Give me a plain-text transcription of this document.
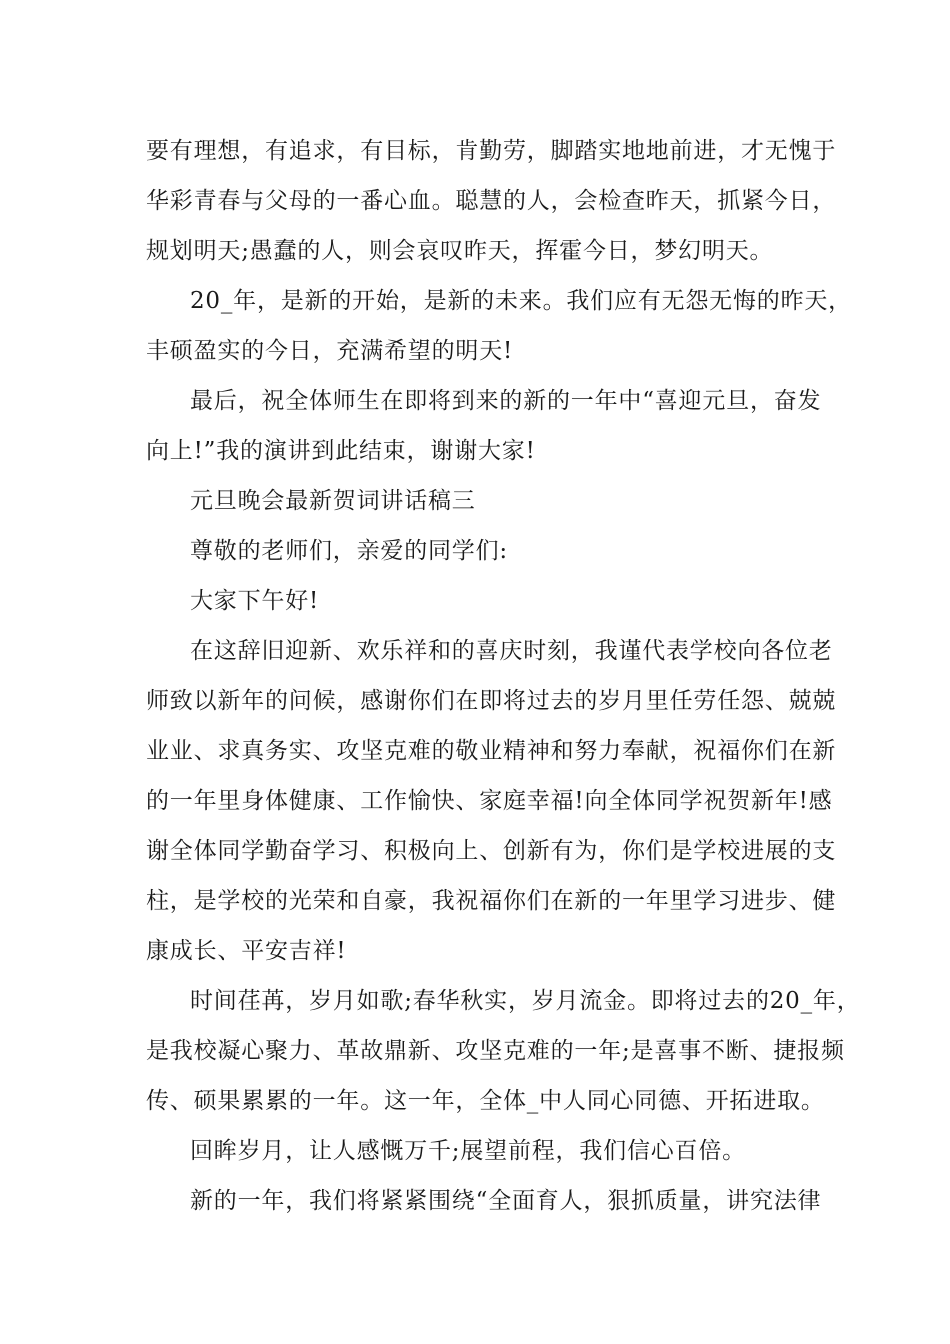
要有理想，有追求，有目标，肯勤劳，脚踏实地地前进，才无愧于
华彩青春与父母的一番心血。聪慧的人，会检查昨天，抓紧今日，
规划明天;愚蠢的人，则会哀叹昨天，挥霍今日，梦幻明天。
20_年，是新的开始，是新的未来。我们应有无怨无悔的昨天，
丰硕盈实的今日，充满希望的明天!
最后，祝全体师生在即将到来的新的一年中“喜迎元旦，奋发
向上!”我的演讲到此结束，谢谢大家!
元旦晚会最新贺词讲话稿三
尊敬的老师们，亲爱的同学们:
大家下午好!
在这辞旧迎新、欢乐祥和的喜庆时刻，我谨代表学校向各位老
师致以新年的问候，感谢你们在即将过去的岁月里任劳任怨、兢兢
业业、求真务实、攻坚克难的敬业精神和努力奉献，祝福你们在新
的一年里身体健康、工作愉快、家庭幸福!向全体同学祝贺新年!感
谢全体同学勤奋学习、积极向上、创新有为，你们是学校进展的支
柱，是学校的光荣和自豪，我祝福你们在新的一年里学习进步、健
康成长、平安吉祥!
时间荏苒，岁月如歌;春华秋实，岁月流金。即将过去的20_年，
是我校凝心聚力、革故鼎新、攻坚克难的一年;是喜事不断、捷报频
传、硕果累累的一年。这一年，全体_中人同心同德、开拓进取。
回眸岁月，让人感慨万千;展望前程，我们信心百倍。
新的一年，我们将紧紧围绕“全面育人，狠抓质量，讲究法律
